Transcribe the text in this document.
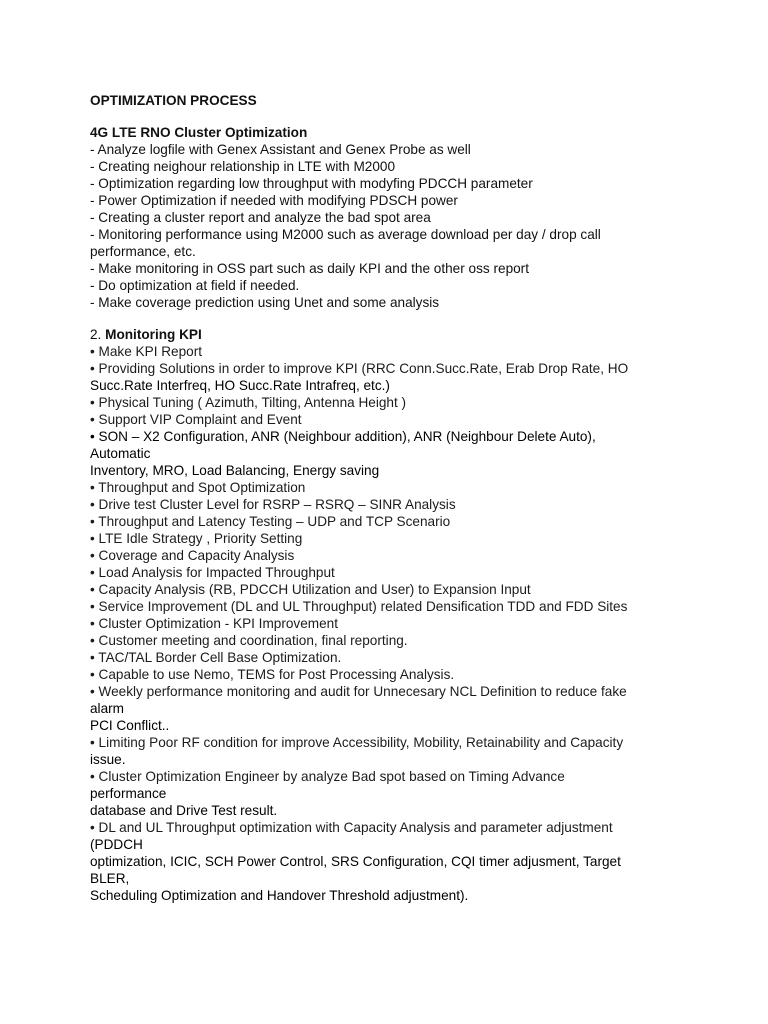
OPTIMIZATION PROCESS
4G LTE RNO Cluster Optimization
- Analyze logfile with Genex Assistant and Genex Probe as well
- Creating neighour relationship in LTE with M2000
- Optimization regarding low throughput with modyfing PDCCH parameter
- Power Optimization if needed with modifying PDSCH power
- Creating a cluster report and analyze the bad spot area
- Monitoring performance using M2000 such as average download per day / drop call
performance, etc.
- Make monitoring in OSS part such as daily KPI and the other oss report
- Do optimization at field if needed.
- Make coverage prediction using Unet and some analysis
2. Monitoring KPI
• Make KPI Report
• Providing Solutions in order to improve KPI (RRC Conn.Succ.Rate, Erab Drop Rate, HO
Succ.Rate Interfreq, HO Succ.Rate Intrafreq, etc.)
• Physical Tuning ( Azimuth, Tilting, Antenna Height )
• Support VIP Complaint and Event
• SON – X2 Configuration, ANR (Neighbour addition), ANR (Neighbour Delete Auto),
Automatic
Inventory, MRO, Load Balancing, Energy saving
• Throughput and Spot Optimization
• Drive test Cluster Level for RSRP – RSRQ – SINR Analysis
• Throughput and Latency Testing – UDP and TCP Scenario
• LTE Idle Strategy , Priority Setting
• Coverage and Capacity Analysis
• Load Analysis for Impacted Throughput
• Capacity Analysis (RB, PDCCH Utilization and User) to Expansion Input
• Service Improvement (DL and UL Throughput) related Densification TDD and FDD Sites
• Cluster Optimization - KPI Improvement
• Customer meeting and coordination, final reporting.
• TAC/TAL Border Cell Base Optimization.
• Capable to use Nemo, TEMS for Post Processing Analysis.
• Weekly performance monitoring and audit for Unnecesary NCL Definition to reduce fake
alarm
PCI Conflict..
• Limiting Poor RF condition for improve Accessibility, Mobility, Retainability and Capacity
issue.
• Cluster Optimization Engineer by analyze Bad spot based on Timing Advance
performance
database and Drive Test result.
• DL and UL Throughput optimization with Capacity Analysis and parameter adjustment
(PDDCH
optimization, ICIC, SCH Power Control, SRS Configuration, CQI timer adjusment, Target
BLER,
Scheduling Optimization and Handover Threshold adjustment).
